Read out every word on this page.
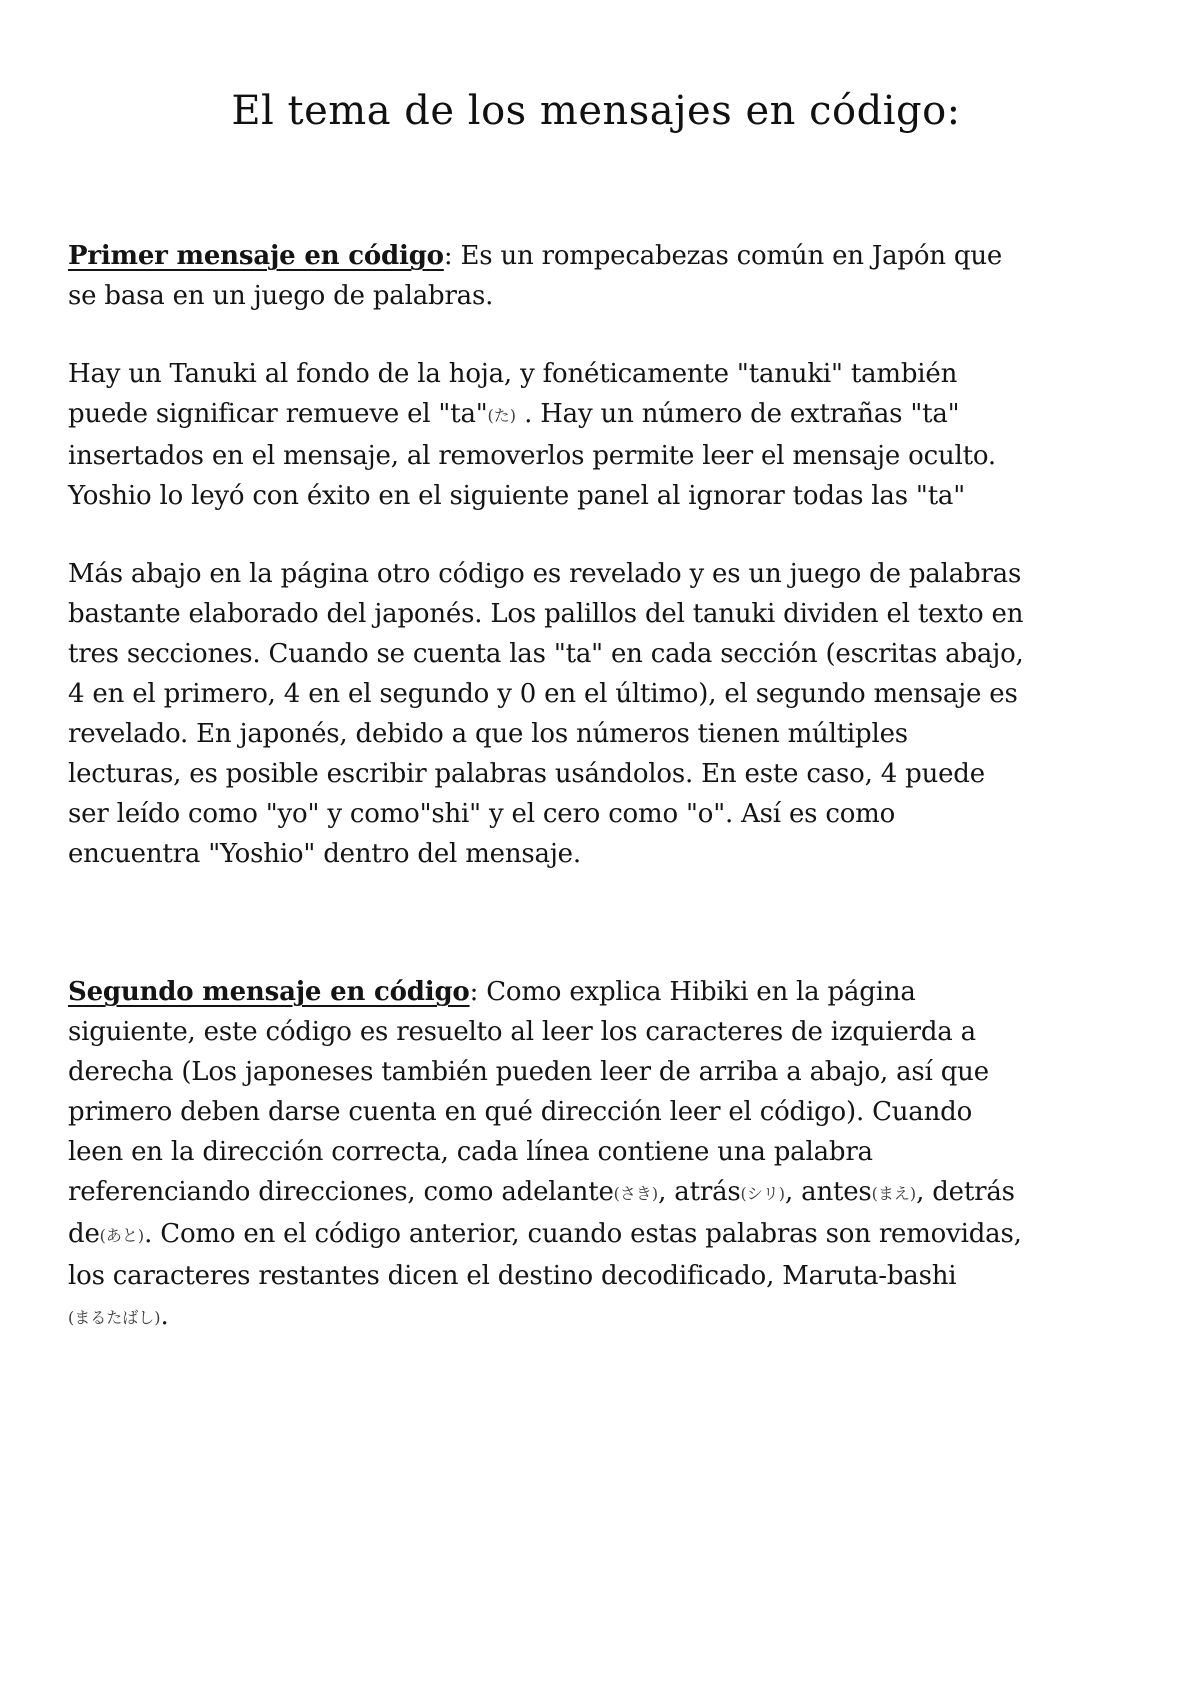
El tema de los mensajes en código:

Primer mensaje en código: Es un rompecabezas común en Japón que se basa en un juego de palabras.

Hay un Tanuki al fondo de la hoja, y fonéticamente "tanuki" también puede significar remueve el "ta"(た) . Hay un número de extrañas "ta" insertados en el mensaje, al removerlos permite leer el mensaje oculto. Yoshio lo leyó con éxito en el siguiente panel al ignorar todas las "ta"

Más abajo en la página otro código es revelado y es un juego de palabras bastante elaborado del japonés. Los palillos del tanuki dividen el texto en tres secciones. Cuando se cuenta las "ta" en cada sección (escritas abajo, 4 en el primero, 4 en el segundo y 0 en el último), el segundo mensaje es revelado. En japonés, debido a que los números tienen múltiples lecturas, es posible escribir palabras usándolos. En este caso, 4 puede ser leído como "yo" y como"shi" y el cero como "o". Así es como encuentra "Yoshio" dentro del mensaje.

Segundo mensaje en código: Como explica Hibiki en la página siguiente, este código es resuelto al leer los caracteres de izquierda a derecha (Los japoneses también pueden leer de arriba a abajo, así que primero deben darse cuenta en qué dirección leer el código). Cuando leen en la dirección correcta, cada línea contiene una palabra referenciando direcciones, como adelante(さき), atrás(シリ), antes(まえ), detrás de(あと). Como en el código anterior, cuando estas palabras son removidas, los caracteres restantes dicen el destino decodificado, Maruta-bashi (まるたばし).
